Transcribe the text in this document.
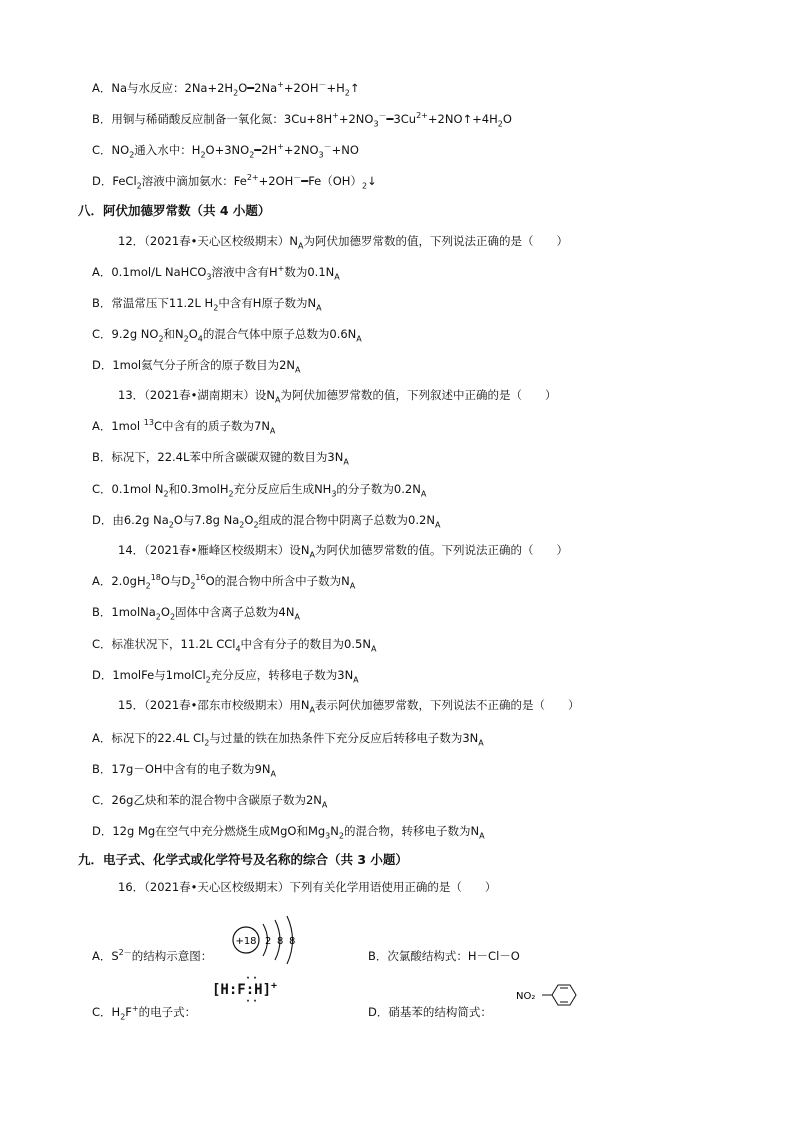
A．Na与水反应：$2Na+2H_2O━2Na^++2OH^-+H_2↑$
B．用铜与稀硝酸反应制备一氧化氮：$3Cu+8H^++2NO_3^-━3Cu^{2+}+2NO↑+4H_2O$
C．$NO_2$通入水中：$H_2O+3NO_2━2H^++2NO_3^-+NO$
D．FeCl$_2$溶液中滴加氨水：$Fe^{2+}+2OH^-━Fe(OH)_2↓$
八．阿伏加德罗常数（共 4 小题）
12．（2021春•天心区校级期末）$N_A$为阿伏加德罗常数的值，下列说法正确的是（　　）
A．0.1mol/L NaHCO$_3$溶液中含有H+数为$0.1N_A$
B．常温常压下11.2L $H_2$中含有H原子数为$N_A$
C．9.2g $NO_2$和$N_2O_4$的混合气体中原子总数为$0.6N_A$
D．1mol氦气分子所含的原子数目为$2N_A$
13．（2021春•湖南期末）设$N_A$为阿伏加德罗常数的值，下列叙述中正确的是（　　）
A．1mol $^{13}$C中含有的质子数为$7N_A$
B．标况下，22.4L苯中所含碳碳双键的数目为$3N_A$
C．0.1mol $N_2$和0.3molH$_2$充分反应后生成$NH_3$的分子数为$0.2N_A$
D．由6.2g $Na_2O$与7.8g $Na_2O_2$组成的混合物中阴离子总数为$0.2N_A$
14．（2021春•雁峰区校级期末）设$N_A$为阿伏加德罗常数的值。下列说法正确的（　　）
A．$2.0gH_2^{18}O$与$D_2^{16}O$的混合物中所含中子数为$N_A$
B．$1molNa_2O_2$固体中含离子总数为$4N_A$
C．标准状况下，11.2L CCl$_4$中含有分子的数目为$0.5N_A$
D．1molFe与1molCl$_2$充分反应，转移电子数为$3N_A$
15．（2021春•邵东市校级期末）用$N_A$表示阿伏加德罗常数，下列说法不正确的是（　　）
A．标况下的22.4L $Cl_2$与过量的铁在加热条件下充分反应后转移电子数为$3N_A$
B．17g－OH中含有的电子数为$9N_A$
C．26g乙炔和苯的混合物中含碳原子数为$2N_A$
D．12g Mg在空气中充分燃烧生成MgO和$Mg_3N_2$的混合物，转移电子数为$N_A$
九．电子式、化学式或化学符号及名称的综合（共 3 小题）
16．（2021春•天心区校级期末）下列有关化学用语使用正确的是（　　）
A．$S^{2-}$的结构示意图：
+18 2 8 8
B．次氯酸结构式：H－Cl－O
C．$H_2F^+$的电子式：
[H:F:H]+
··
··
D．硝基苯的结构简式：
NO₂
